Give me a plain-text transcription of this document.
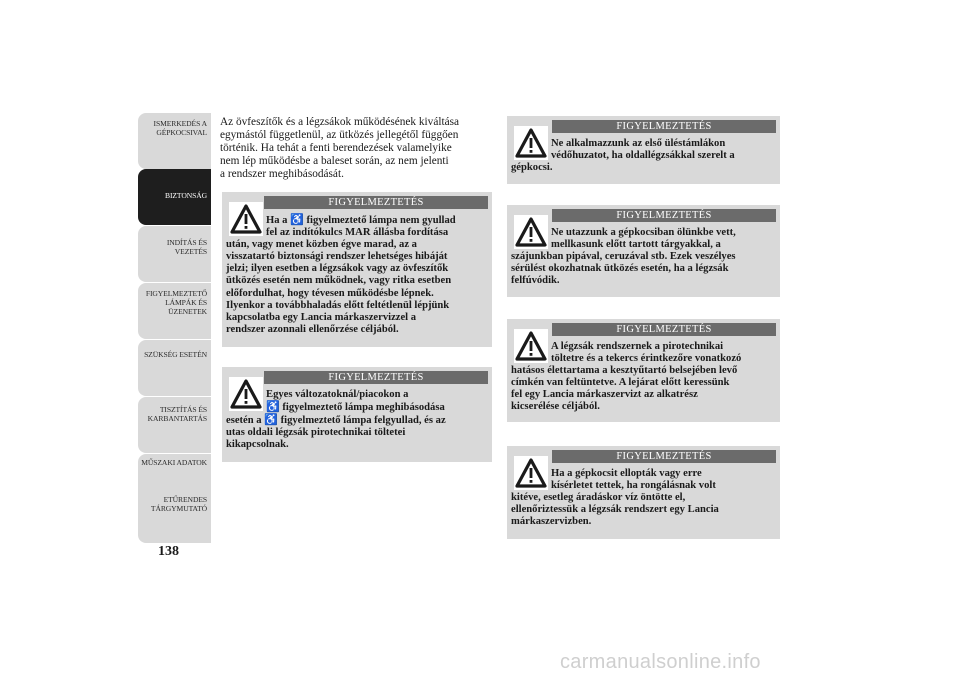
ISMERKEDÉS A
GÉPKOCSIVAL
BIZTONSÁG
INDÍTÁS ÉS
VEZETÉS
FIGYELMEZTETŐ
LÁMPÁK ÉS
ÜZENETEK
SZÜKSÉG ESETÉN
TISZTÍTÁS ÉS
KARBANTARTÁS
MŰSZAKI ADATOK
ETŰRENDES
TÁRGYMUTATÓ
138
Az övfeszítők és a légzsákok működésének kiváltása
egymástól függetlenül, az ütközés jellegétől függően
történik. Ha tehát a fenti berendezések valamelyike
nem lép működésbe a baleset során, az nem jelenti
a rendszer meghibásodását.
FIGYELMEZTETÉS
Ha a ♿ figyelmeztető lámpa nem gyullad
fel az indítókulcs MAR állásba fordítása
után, vagy menet közben égve marad, az a
visszatartó biztonsági rendszer lehetséges hibáját
jelzi; ilyen esetben a légzsákok vagy az övfeszítők
ütközés esetén nem működnek, vagy ritka esetben
előfordulhat, hogy tévesen működésbe lépnek.
Ilyenkor a továbbhaladás előtt feltétlenül lépjünk
kapcsolatba egy Lancia márkaszervizzel a
rendszer azonnali ellenőrzése céljából.
FIGYELMEZTETÉS
Egyes változatoknál/piacokon a
♿ figyelmeztető lámpa meghibásodása
esetén a ♿ figyelmeztető lámpa felgyullad, és az
utas oldali légzsák pirotechnikai töltetei
kikapcsolnak.
FIGYELMEZTETÉS
Ne alkalmazzunk az első üléstámlákon
védőhuzatot, ha oldallégzsákkal szerelt a
gépkocsi.
FIGYELMEZTETÉS
Ne utazzunk a gépkocsiban ölünkbe vett,
mellkasunk előtt tartott tárgyakkal, a
szájunkban pipával, ceruzával stb. Ezek veszélyes
sérülést okozhatnak ütközés esetén, ha a légzsák
felfúvódik.
FIGYELMEZTETÉS
A légzsák rendszernek a pirotechnikai
töltetre és a tekercs érintkezőre vonatkozó
hatásos élettartama a kesztyűtartó belsejében levő
címkén van feltüntetve. A lejárat előtt keressünk
fel egy Lancia márkaszervizt az alkatrész
kicserélése céljából.
FIGYELMEZTETÉS
Ha a gépkocsit ellopták vagy erre
kísérletet tettek, ha rongálásnak volt
kitéve, esetleg áradáskor víz öntötte el,
ellenőriztessük a légzsák rendszert egy Lancia
márkaszervizben.
carmanualsonline.info
